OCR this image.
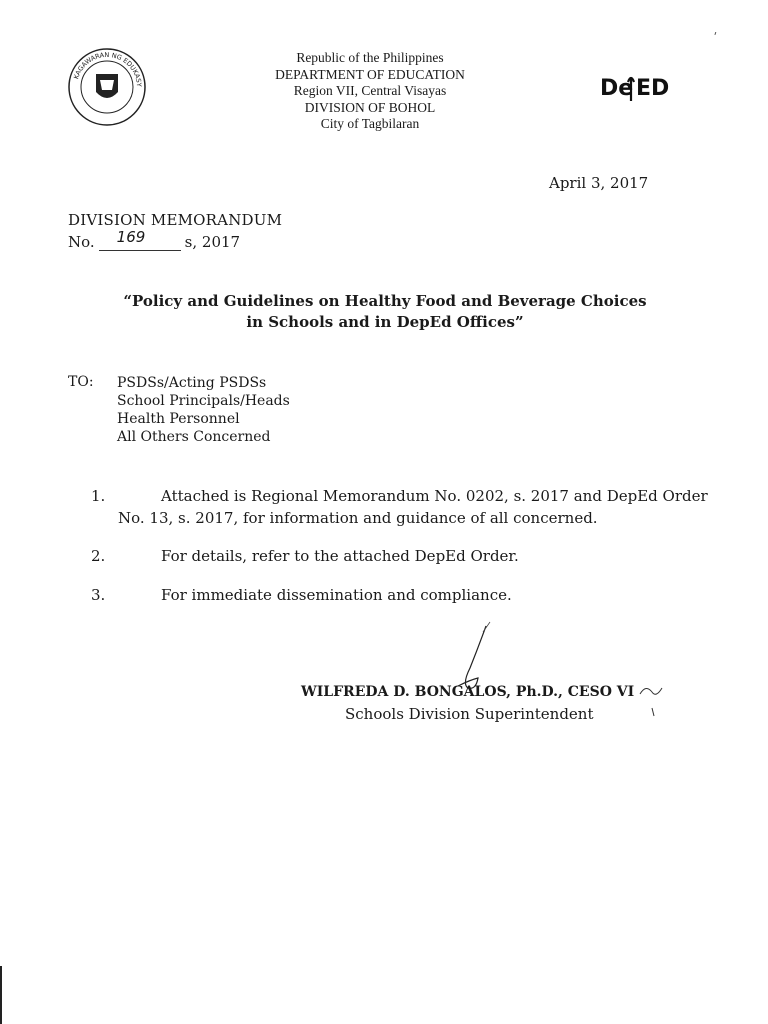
KAGAWARAN NG EDUKASY
Republic of the Philippines
DEPARTMENT OF EDUCATION
Region VII, Central Visayas
DIVISION OF BOHOL
City of Tagbilaran
De ED
⸴
April 3, 2017
DIVISION MEMORANDUM
No. 169	s, 2017
“Policy and Guidelines on Healthy Food and Beverage Choices
in Schools and in DepEd Offices”
TO: PSDSs/Acting PSDSs
School Principals/Heads
Health Personnel
All Others Concerned
1.	Attached is Regional Memorandum No. 0202, s. 2017 and DepEd Order
No. 13, s. 2017, for information and guidance of all concerned.
2.	For details, refer to the attached DepEd Order.
3.	For immediate dissemination and compliance.
WILFREDA D. BONGALOS, Ph.D., CESO VI
Schools Division Superintendent
